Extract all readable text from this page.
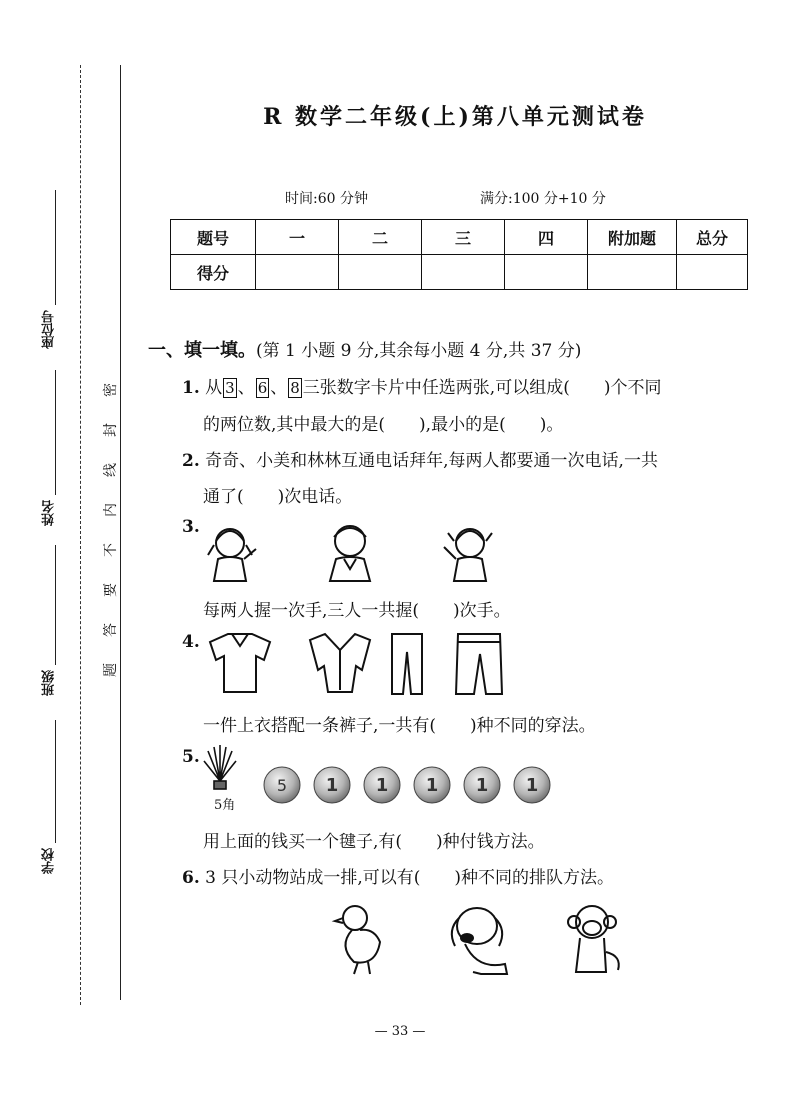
座位号
姓名
班级
学校
密
封
线
内
不
要
答
题
R 数学二年级(上)第八单元测试卷
时间:60 分钟	满分:100 分+10 分
题号	一	二	三	四	附加题	总分
得分						
一、填一填。(第 1 小题 9 分,其余每小题 4 分,共 37 分)
1. 从 3 、 6 、 8 三张数字卡片中任选两张,可以组成(　　)个不同
的两位数,其中最大的是(　　),最小的是(　　)。
2. 奇奇、小美和林林互通电话拜年,每两人都要通一次电话,一共
通了(　　)次电话。
3.
每两人握一次手,三人一共握(　　)次手。
4.
一件上衣搭配一条裤子,一共有(　　)种不同的穿法。
5.
5角
5 1 1 1 1 1
用上面的钱买一个毽子,有(　　)种付钱方法。
6. 3 只小动物站成一排,可以有(　　)种不同的排队方法。
— 33 —
